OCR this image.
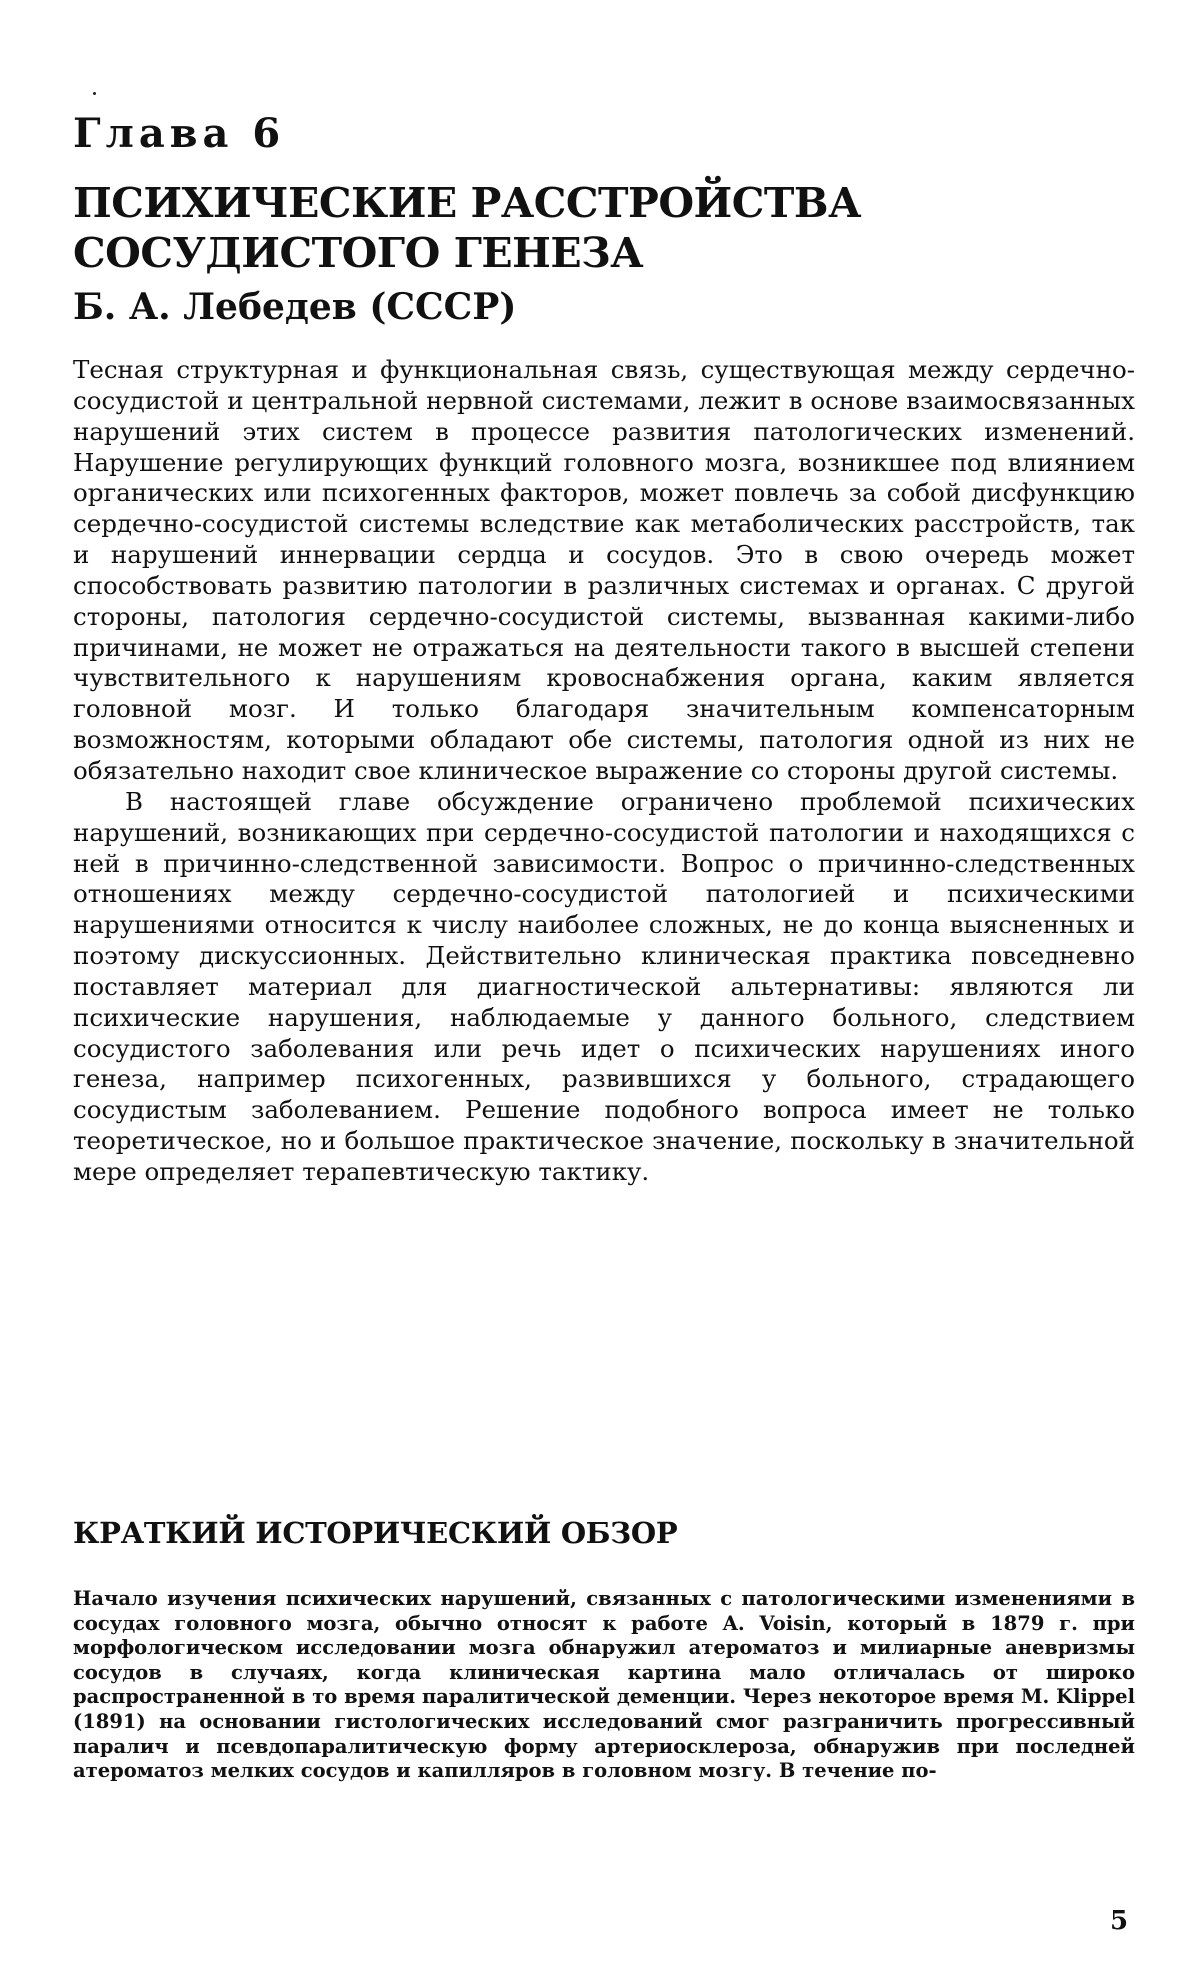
Глава 6
ПСИХИЧЕСКИЕ РАССТРОЙСТВА
СОСУДИСТОГО ГЕНЕЗА
Б. А. Лебедев (СССР)

Тесная структурная и функциональная связь, существующая между сердечно-сосудистой и центральной нервной системами, лежит в основе взаимосвязанных нарушений этих систем в процессе развития патологических изменений. Нарушение регулирующих функций головного мозга, возникшее под влиянием органических или психогенных факторов, может повлечь за собой дисфункцию сердечно-сосудистой системы вследствие как метаболических расстройств, так и нарушений иннервации сердца и сосудов. Это в свою очередь может способствовать развитию патологии в различных системах и органах. С другой стороны, патология сердечно-сосудистой системы, вызванная какими-либо причинами, не может не отражаться на деятельности такого в высшей степени чувствительного к нарушениям кровоснабжения органа, каким является головной мозг. И только благодаря значительным компенсаторным возможностям, которыми обладают обе системы, патология одной из них не обязательно находит свое клиническое выражение со стороны другой системы.

В настоящей главе обсуждение ограничено проблемой психических нарушений, возникающих при сердечно-сосудистой патологии и находящихся с ней в причинно-следственной зависимости. Вопрос о причинно-следственных отношениях между сердечно-сосудистой патологией и психическими нарушениями относится к числу наиболее сложных, не до конца выясненных и поэтому дискуссионных. Действительно клиническая практика повседневно поставляет материал для диагностической альтернативы: являются ли психические нарушения, наблюдаемые у данного больного, следствием сосудистого заболевания или речь идет о психических нарушениях иного генеза, например психогенных, развившихся у больного, страдающего сосудистым заболеванием. Решение подобного вопроса имеет не только теоретическое, но и большое практическое значение, поскольку в значительной мере определяет терапевтическую тактику.

КРАТКИЙ ИСТОРИЧЕСКИЙ ОБЗОР

Начало изучения психических нарушений, связанных с патологическими изменениями в сосудах головного мозга, обычно относят к работе A. Voisin, который в 1879 г. при морфологическом исследовании мозга обнаружил атероматоз и милиарные аневризмы сосудов в случаях, когда клиническая картина мало отличалась от широко распространенной в то время паралитической деменции. Через некоторое время M. Klippel (1891) на основании гистологических исследований смог разграничить прогрессивный паралич и псевдопаралитическую форму артериосклероза, обнаружив при последней атероматоз мелких сосудов и капилляров в головном мозгу. В течение по-

5
